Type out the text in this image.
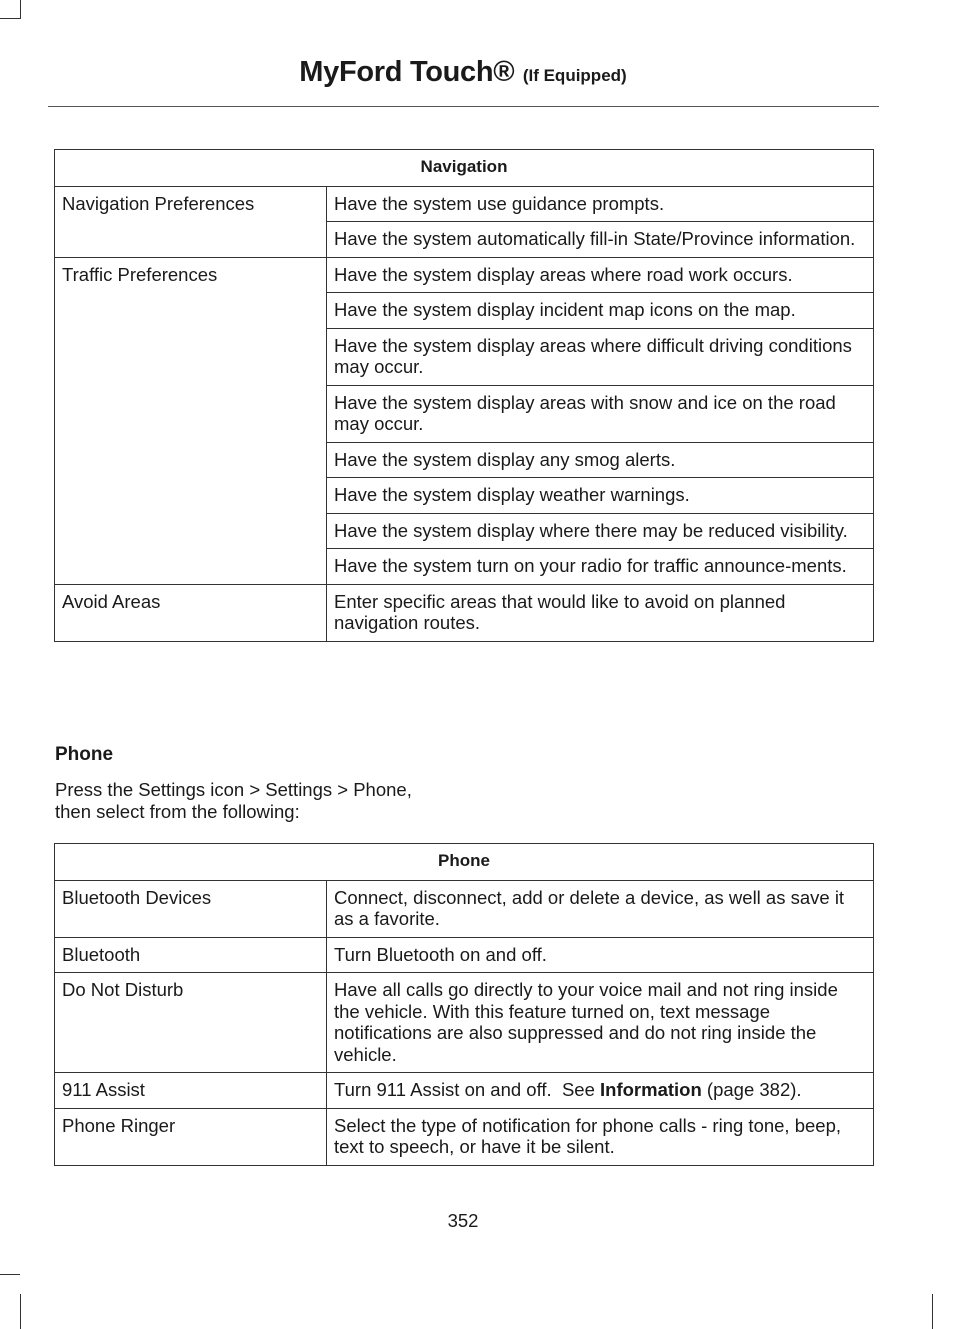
MyFord Touch® (If Equipped)
Navigation	
Navigation Preferences	Have the system use guidance prompts.
	Have the system automatically fill-in State/Province information.
Traffic Preferences	Have the system display areas where road work occurs.
	Have the system display incident map icons on the map.
	Have the system display areas where difficult driving conditions may occur.
	Have the system display areas with snow and ice on the road may occur.
	Have the system display any smog alerts.
	Have the system display weather warnings.
	Have the system display where there may be reduced visibility.
	Have the system turn on your radio for traffic announce-ments.
Avoid Areas	Enter specific areas that would like to avoid on planned navigation routes.
Phone
Press the Settings icon > Settings > Phone,
then select from the following:
Phone	
Bluetooth Devices	Connect, disconnect, add or delete a device, as well as save it as a favorite.
Bluetooth	Turn Bluetooth on and off.
Do Not Disturb	Have all calls go directly to your voice mail and not ring inside the vehicle. With this feature turned on, text message notifications are also suppressed and do not ring inside the vehicle.
911 Assist	Turn 911 Assist on and off.  See Information (page 382).
Phone Ringer	Select the type of notification for phone calls - ring tone, beep, text to speech, or have it be silent.
352
